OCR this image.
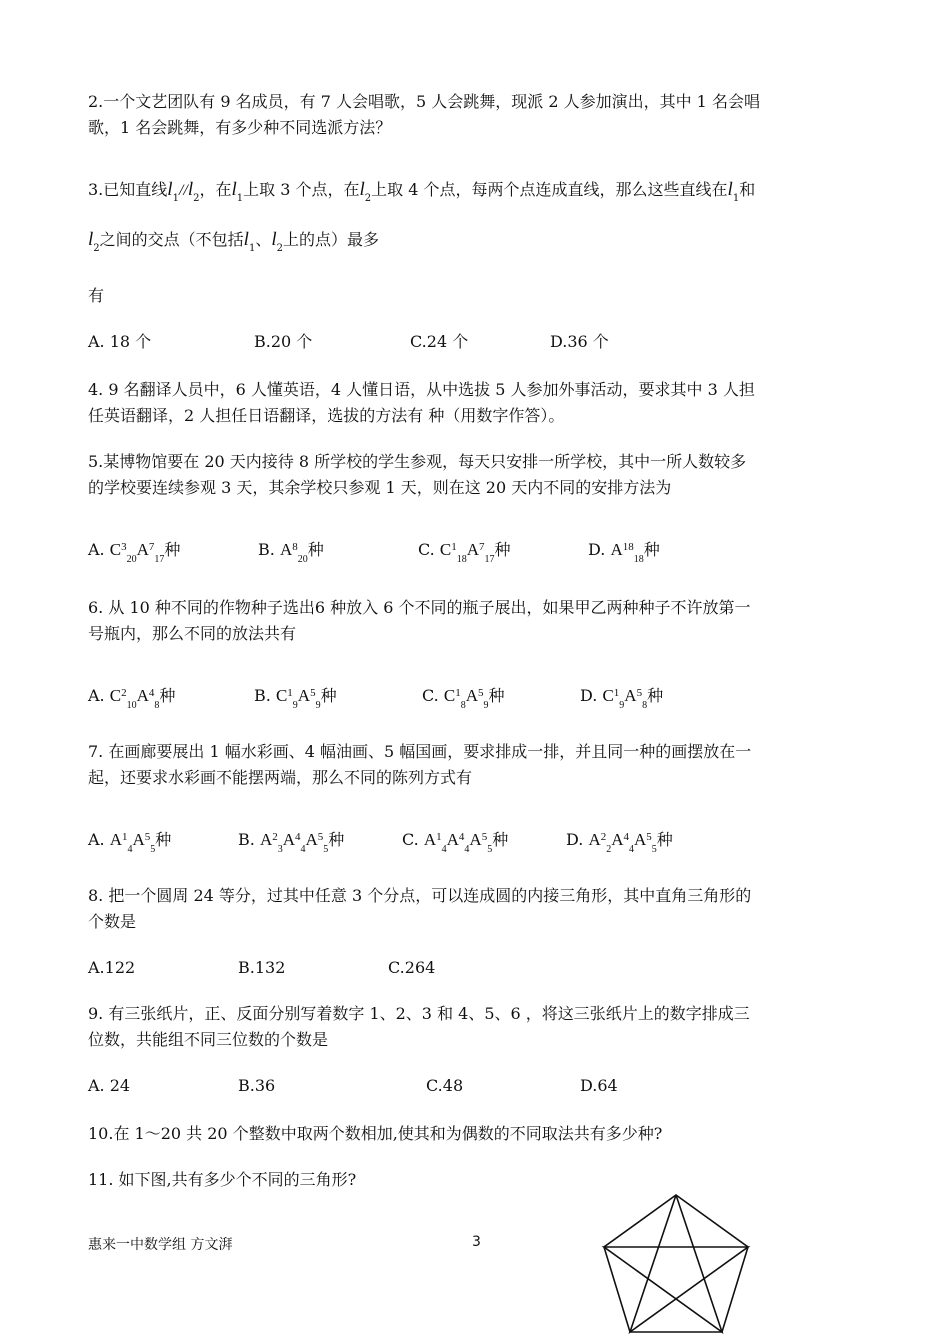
2.一个文艺团队有 9 名成员，有 7 人会唱歌，5 人会跳舞，现派 2 人参加演出，其中 1 名会唱
歌，1 名会跳舞，有多少种不同选派方法？
3.已知直线$l_1//l_2$，在$l_1$上取 3 个点，在$l_2$上取 4 个点，每两个点连成直线，那么这些直线在$l_1$和
$l_2$之间的交点（不包括$l_1$、$l_2$上的点）最多
有
A. 18 个	B.20 个	C.24 个	D.36 个
4. 9 名翻译人员中，6 人懂英语，4 人懂日语，从中选拔 5 人参加外事活动，要求其中 3 人担
任英语翻译，2 人担任日语翻译，选拔的方法有 种（用数字作答）。
5.某博物馆要在 20 天内接待 8 所学校的学生参观，每天只安排一所学校，其中一所人数较多
的学校要连续参观 3 天，其余学校只参观 1 天，则在这 20 天内不同的安排方法为
A. $C^3_{20}A^7_{17}$种	B. $A^8_{20}$种	C. $C^1_{18}A^7_{17}$种	D. $A^{18}_{18}$种
6. 从 10 种不同的作物种子选出6 种放入 6 个不同的瓶子展出，如果甲乙两种种子不许放第一
号瓶内，那么不同的放法共有
A. $C^2_{10}A^4_8$种	B. $C^1_9A^5_9$种	C. $C^1_8A^5_9$种	D. $C^1_9A^5_8$种
7. 在画廊要展出 1 幅水彩画、4 幅油画、5 幅国画，要求排成一排，并且同一种的画摆放在一
起，还要求水彩画不能摆两端，那么不同的陈列方式有
A. $A^1_4A^5_5$种	B. $A^2_3A^4_4A^5_5$种	C. $A^1_4A^4_4A^5_5$种	D. $A^2_2A^4_4A^5_5$种
8. 把一个圆周 24 等分，过其中任意 3 个分点，可以连成圆的内接三角形，其中直角三角形的
个数是
A.122	B.132	C.264
9. 有三张纸片，正、反面分别写着数字 1、2、3 和 4、5、6 ，将这三张纸片上的数字排成三
位数，共能组不同三位数的个数是
A. 24	B.36	C.48	D.64
10.在 1～20 共 20 个整数中取两个数相加,使其和为偶数的不同取法共有多少种?
11. 如下图,共有多少个不同的三角形?
惠来一中数学组 方文湃	3
